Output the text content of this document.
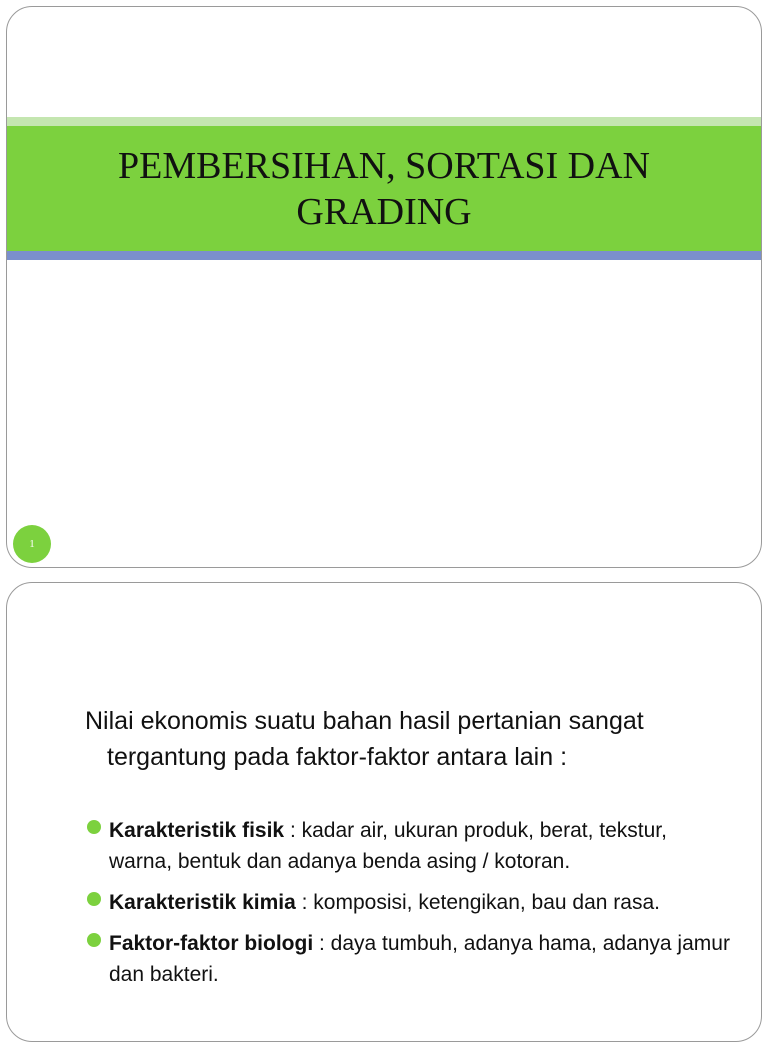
PEMBERSIHAN, SORTASI DAN GRADING
1

Nilai ekonomis suatu bahan hasil pertanian sangat tergantung pada faktor-faktor antara lain :

Karakteristik fisik : kadar air, ukuran produk, berat, tekstur, warna, bentuk dan adanya benda asing / kotoran.
Karakteristik kimia : komposisi, ketengikan, bau dan rasa.
Faktor-faktor biologi : daya tumbuh, adanya hama, adanya jamur dan bakteri.
